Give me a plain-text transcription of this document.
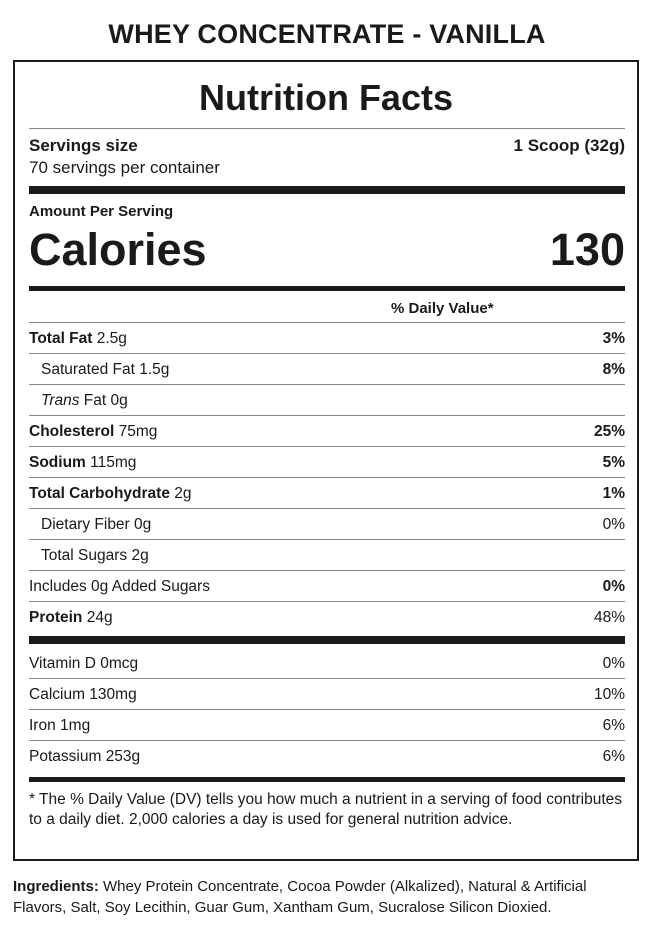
WHEY CONCENTRATE - VANILLA
Nutrition Facts
Servings size	1 Scoop (32g)
70 servings per container
Amount Per Serving
Calories	130
% Daily Value*
Total Fat 2.5g	3%
Saturated Fat 1.5g	8%
Trans Fat 0g
Cholesterol 75mg	25%
Sodium 115mg	5%
Total Carbohydrate 2g	1%
Dietary Fiber 0g	0%
Total Sugars 2g
Includes 0g Added Sugars	0%
Protein 24g	48%
Vitamin D 0mcg	0%
Calcium 130mg	10%
Iron 1mg	6%
Potassium 253g	6%
* The % Daily Value (DV) tells you how much a nutrient in a serving of food contributes to a daily diet. 2,000 calories a day is used for general nutrition advice.
Ingredients: Whey Protein Concentrate, Cocoa Powder (Alkalized), Natural & Artificial Flavors, Salt, Soy Lecithin, Guar Gum, Xantham Gum, Sucralose Silicon Dioxied.
